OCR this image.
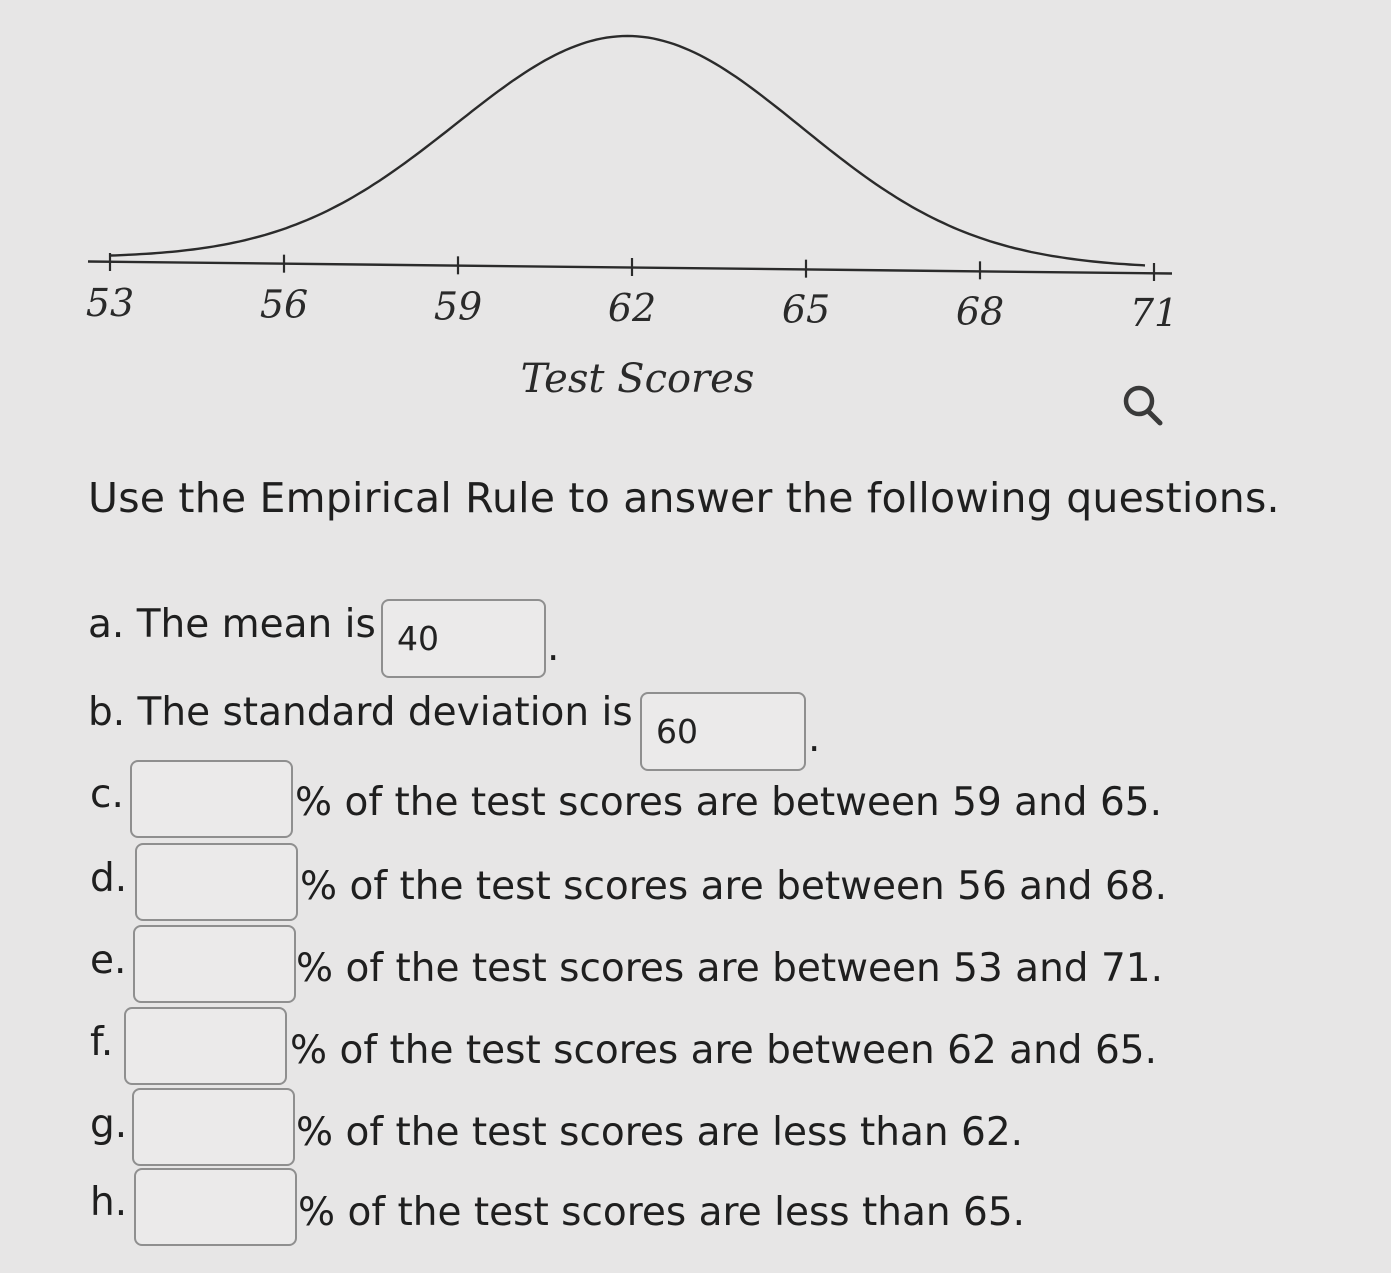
53	56	59	62	65	68	71
Test Scores
Use the Empirical Rule to answer the following questions.
a. The mean is 40	.
b. The standard deviation is 60	.
c.	% of the test scores are between 59 and 65.
d.	% of the test scores are between 56 and 68.
e.	% of the test scores are between 53 and 71.
f.	% of the test scores are between 62 and 65.
g.	% of the test scores are less than 62.
h.	% of the test scores are less than 65.
